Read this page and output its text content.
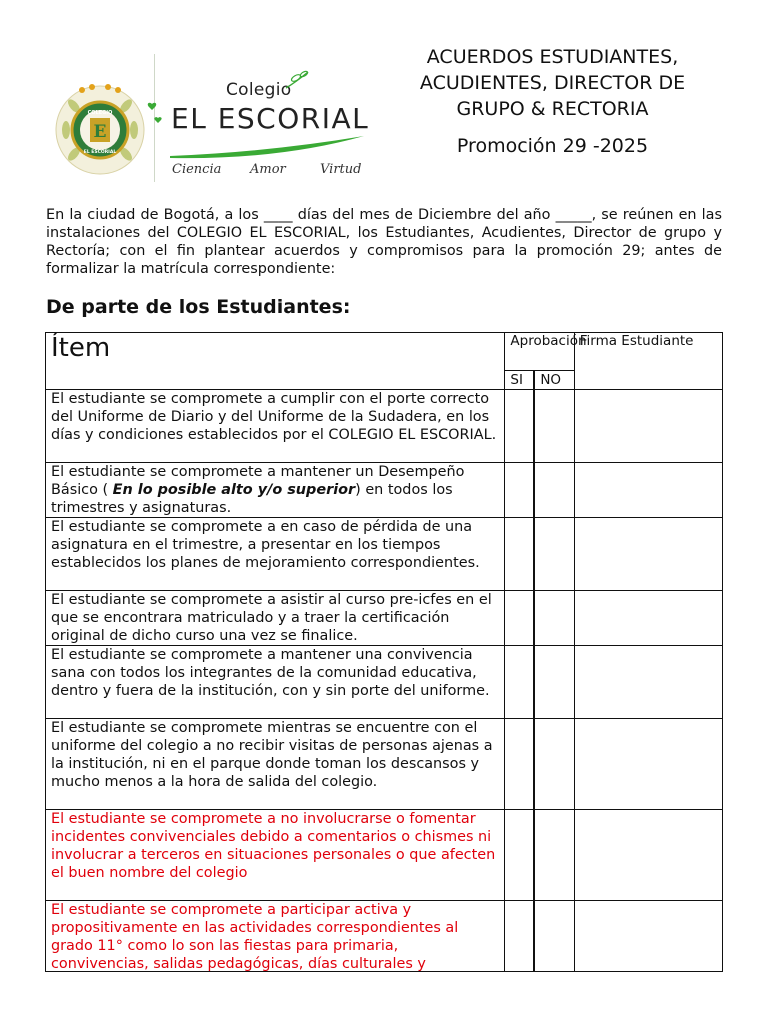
E
COLEGIO
EL ESCORIAL
Colegio
EL ESCORIAL
Ciencia Amor	Virtud
ACUERDOS ESTUDIANTES,
ACUDIENTES, DIRECTOR DE
GRUPO & RECTORIA
Promoción 29 -2025

En la ciudad de Bogotá, a los ____ días del mes de Diciembre del año _____, se reúnen en las instalaciones del COLEGIO EL ESCORIAL, los Estudiantes, Acudientes, Director de grupo y Rectoría; con el fin plantear acuerdos y compromisos para la promoción 29; antes de formalizar la matrícula correspondiente:

De parte de los Estudiantes:
Ítem	Aprobación		Firma Estudiante
	SI	NO	
El estudiante se compromete a cumplir con el porte correcto del Uniforme de Diario y del Uniforme de la Sudadera, en los días y condiciones establecidos por el COLEGIO EL ESCORIAL.			
El estudiante se compromete a mantener un Desempeño Básico ( En lo posible alto y/o superior) en todos los trimestres y asignaturas.			
El estudiante se compromete a en caso de pérdida de una asignatura en el trimestre, a presentar en los tiempos establecidos los planes de mejoramiento correspondientes.			
El estudiante se compromete a asistir al curso pre-icfes en el que se encontrara matriculado y a traer la certificación original de dicho curso una vez se finalice.			
El estudiante se compromete a mantener una convivencia sana con todos los integrantes de la comunidad educativa, dentro y fuera de la institución, con y sin porte del uniforme.			
El estudiante se compromete mientras se encuentre con el uniforme del colegio a no recibir visitas de personas ajenas a la institución, ni en el parque donde toman los descansos y mucho menos a la hora de salida del colegio.			
El estudiante se compromete a no involucrarse o fomentar incidentes convivenciales debido a comentarios o chismes ni involucrar a terceros en situaciones personales o que afecten el buen nombre del colegio			

El estudiante se compromete a participar activa y propositivamente en las actividades correspondientes al grado 11° como lo son las fiestas para primaria, convivencias, salidas pedagógicas, días culturales y			
